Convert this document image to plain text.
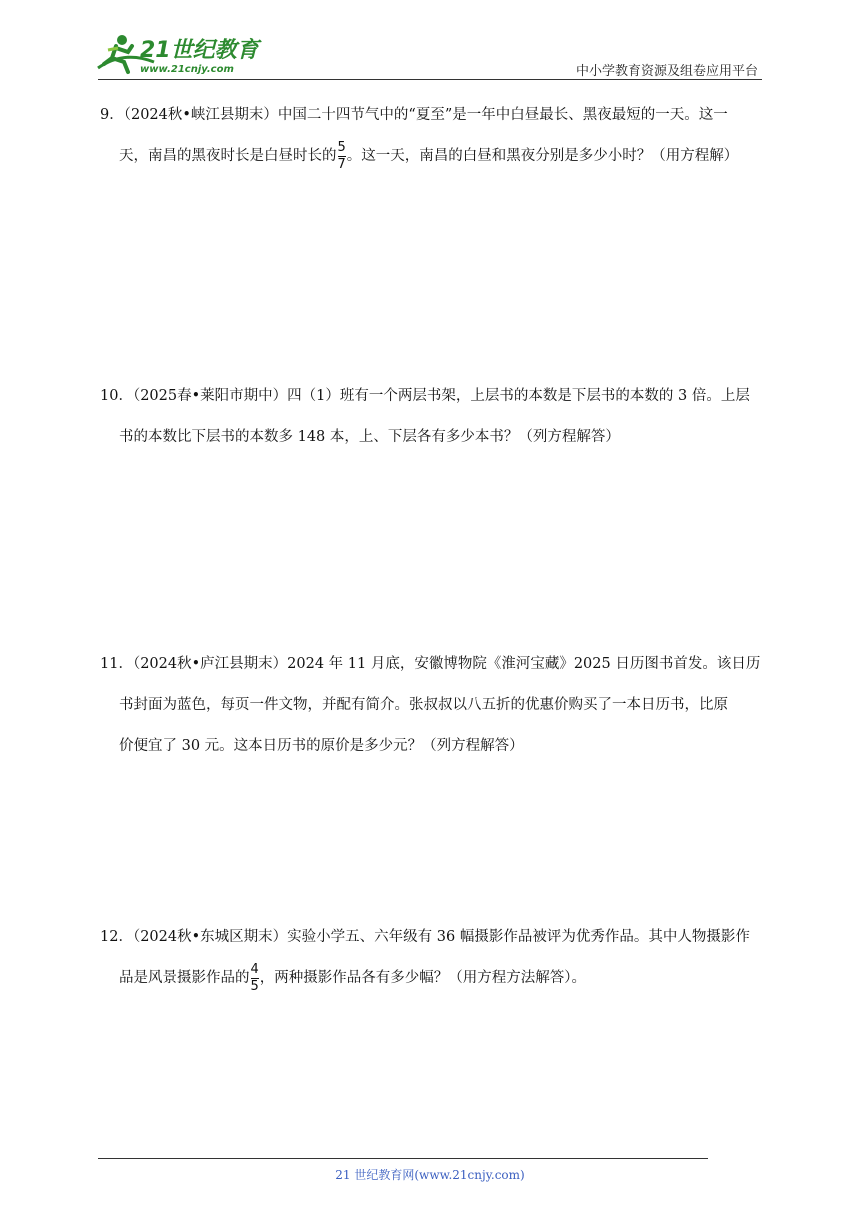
21世纪教育
www.21cnjy.com	中小学教育资源及组卷应用平台
9．（2024秋•峡江县期末）中国二十四节气中的“夏至”是一年中白昼最长、黑夜最短的一天。这一
天，南昌的黑夜时长是白昼时长的 $\frac{5}{7}$ 。这一天，南昌的白昼和黑夜分别是多少小时？（用方程解）
10．（2025春•莱阳市期中）四（1）班有一个两层书架，上层书的本数是下层书的本数的 3 倍。上层
书的本数比下层书的本数多 148 本，上、下层各有多少本书？（列方程解答）
11．（2024秋•庐江县期末）2024 年 11 月底，安徽博物院《淮河宝藏》2025 日历图书首发。该日历
书封面为蓝色，每页一件文物，并配有简介。张叔叔以八五折的优惠价购买了一本日历书，比原
价便宜了 30 元。这本日历书的原价是多少元？（列方程解答）
12．（2024秋•东城区期末）实验小学五、六年级有 36 幅摄影作品被评为优秀作品。其中人物摄影作
品是风景摄影作品的 $\frac{4}{5}$ ，两种摄影作品各有多少幅？（用方程方法解答）。
21 世纪教育网(www.21cnjy.com)
